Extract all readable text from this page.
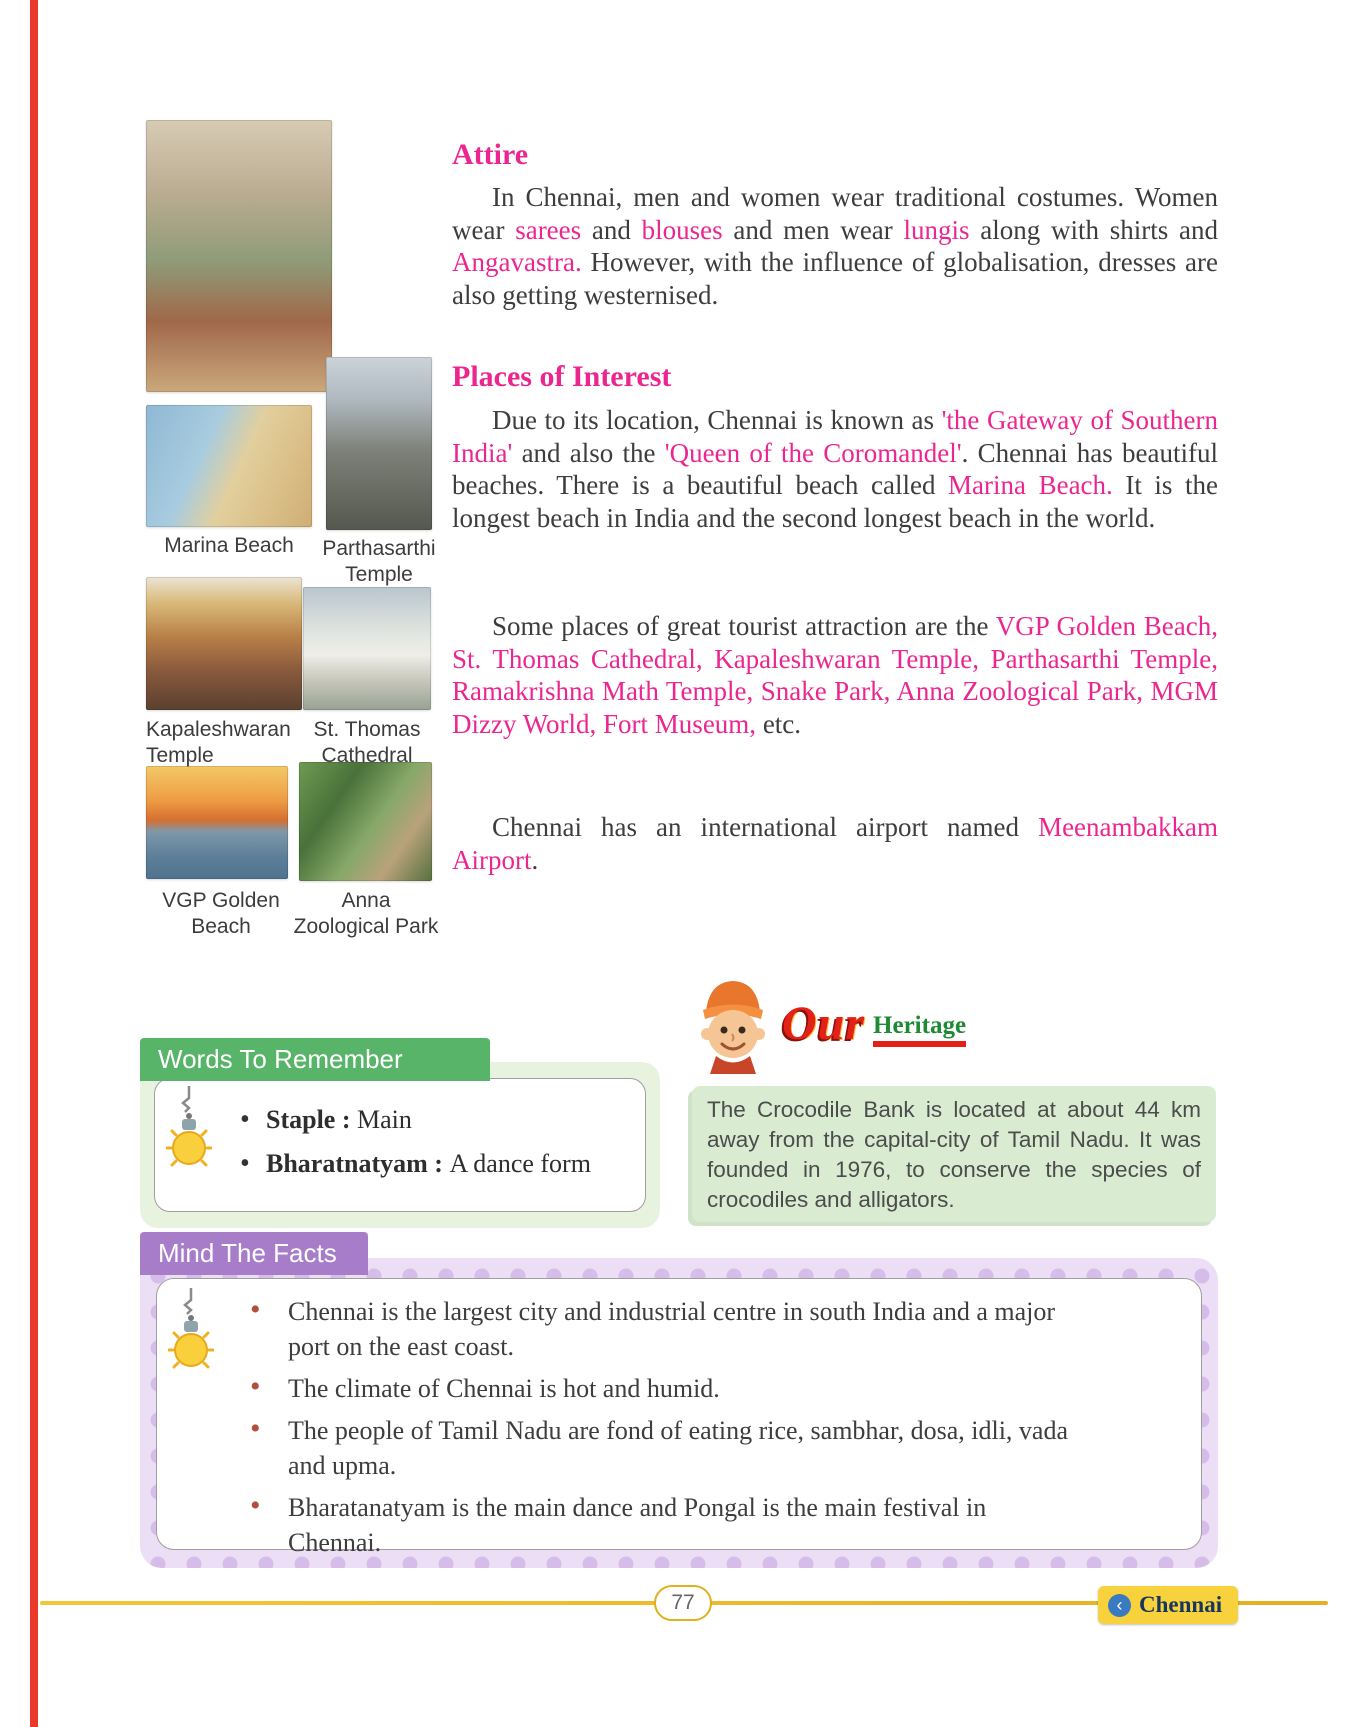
Marina Beach	Parthasarthi Temple
Kapaleshwaran Temple
St. Thomas Cathedral
VGP Golden Beach
Anna Zoological Park
Attire
In Chennai, men and women wear traditional costumes. Women wear sarees and blouses and men wear lungis along with shirts and Angavastra. However, with the influence of globalisation, dresses are also getting westernised.
Places of Interest
Due to its location, Chennai is known as 'the Gateway of Southern India' and also the 'Queen of the Coromandel'. Chennai has beautiful beaches. There is a beautiful beach called Marina Beach. It is the longest beach in India and the second longest beach in the world.
Some places of great tourist attraction are the VGP Golden Beach, St. Thomas Cathedral, Kapaleshwaran Temple, Parthasarthi Temple, Ramakrishna Math Temple, Snake Park, Anna Zoological Park, MGM Dizzy World, Fort Museum, etc.
Chennai has an international airport named Meenambakkam Airport.
Words To Remember
• Staple : Main
• Bharatnatyam : A dance form
Our Heritage
The Crocodile Bank is located at about 44 km away from the capital-city of Tamil Nadu. It was founded in 1976, to conserve the species of crocodiles and alligators.
Mind The Facts
• Chennai is the largest city and industrial centre in south India and a major port on the east coast.
• The climate of Chennai is hot and humid.
• The people of Tamil Nadu are fond of eating rice, sambhar, dosa, idli, vada and upma.
• Bharatanatyam is the main dance and Pongal is the main festival in Chennai.
77	‹ Chennai
